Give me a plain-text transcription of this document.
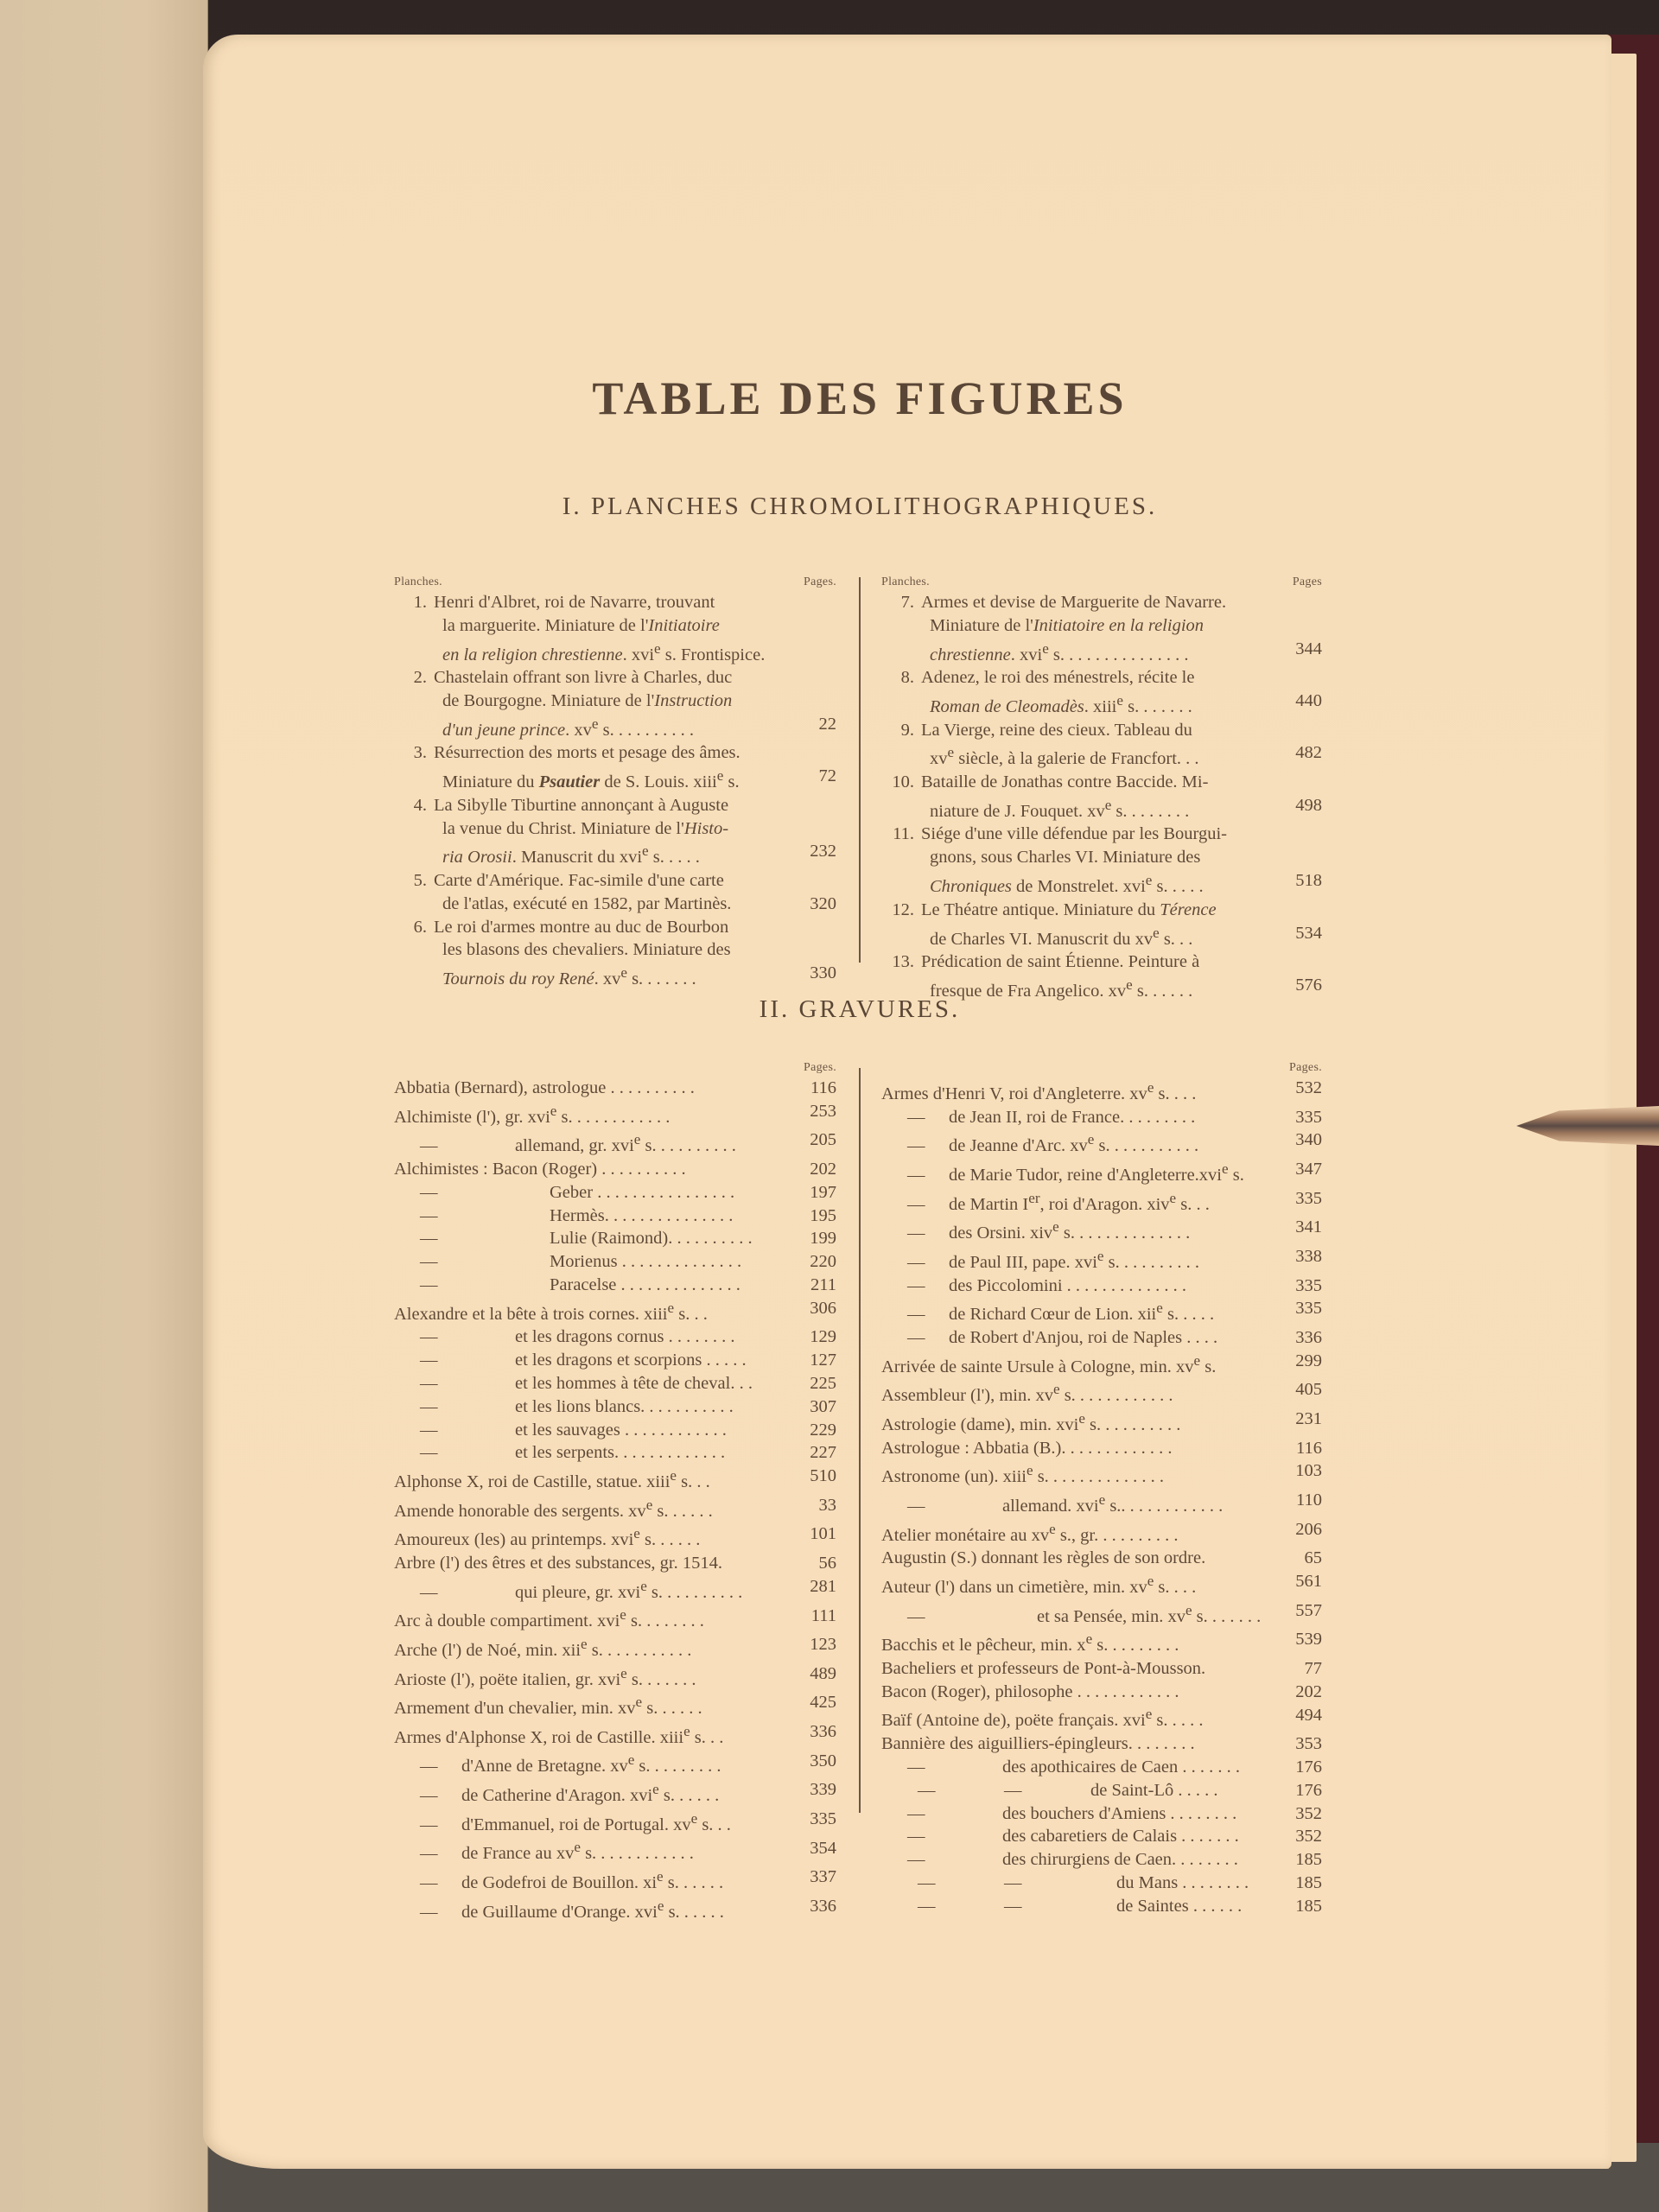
TABLE DES FIGURES
I. PLANCHES CHROMOLITHOGRAPHIQUES.
Planches.	Pages.
1. Henri d'Albret, roi de Navarre, trouvant
la marguerite. Miniature de l'Initiatoire
en la religion chrestienne. xvi$^e$ s. Frontispice.
2. Chastelain offrant son livre à Charles, duc
de Bourgogne. Miniature de l'Instruction
d'un jeune prince. $xv^e$ s. . . . . . . . . .	22
3. Résurrection des morts et pesage des âmes.
Miniature du Psautier de S. Louis. xiii$^e$ s.	72
4. La Sibylle Tiburtine annonçant à Auguste
la venue du Christ. Miniature de l'Histo-
ria Orosii. Manuscrit du xvi$^e$ s. . . . .	232
5. Carte d'Amérique. Fac-simile d'une carte
de l'atlas, exécuté en 1582, par Martinès.	320
6. Le roi d'armes montre au duc de Bourbon
les blasons des chevaliers. Miniature des
Tournois du roy René. $xv^e$ s. . . . . . .	330
Planches.	Pages
7. Armes et devise de Marguerite de Navarre.
Miniature de l'Initiatoire en la religion
chrestienne. xvi$^e$ s. . . . . . . . . . . . . . .	344
8. Adenez, le roi des ménestrels, récite le
Roman de Cleomadès. xiii$^e$ s. . . . . . .	440
9. La Vierge, reine des cieux. Tableau du
$xv^e$ siècle, à la galerie de Francfort. . .	482
10. Bataille de Jonathas contre Baccide. Mi-
niature de J. Fouquet. $xv^e$ s. . . . . . . .	498
11. Siége d'une ville défendue par les Bourgui-
gnons, sous Charles VI. Miniature des
Chroniques de Monstrelet. xvi$^e$ s. . . . .	518
12. Le Théatre antique. Miniature du Térence
de Charles VI. Manuscrit du $xv^e$ s. . .	534
13. Prédication de saint Étienne. Peinture à
fresque de Fra Angelico. $xv^e$ s. . . . . .	576
II. GRAVURES.
Pages.
Abbatia (Bernard), astrologue . . . . . . . . . .	116
Alchimiste (l'), gr. xvi$^e$ s. . . . . . . . . . . .	253
—	allemand, gr. xvi$^e$ s. . . . . . . . . .	205
Alchimistes : Bacon (Roger) . . . . . . . . . .	202
—	Geber . . . . . . . . . . . . . . . .	197
—	Hermès. . . . . . . . . . . . . . .	195
—	Lulie (Raimond). . . . . . . . . .	199
—	Morienus . . . . . . . . . . . . . .	220
—	Paracelse . . . . . . . . . . . . . .	211
Alexandre et la bête à trois cornes. xiii$^e$ s. . .	306
—	et les dragons cornus . . . . . . . .	129
—	et les dragons et scorpions . . . . .	127
—	et les hommes à tête de cheval. . .	225
—	et les lions blancs. . . . . . . . . . .	307
—	et les sauvages . . . . . . . . . . . .	229
—	et les serpents. . . . . . . . . . . . .	227
Alphonse X, roi de Castille, statue. xiii$^e$ s. . .	510
Amende honorable des sergents. $xv^e$ s. . . . . .	33
Amoureux (les) au printemps. xvi$^e$ s. . . . . .	101
Arbre (l') des êtres et des substances, gr. 1514.	56
—	qui pleure, gr. xvi$^e$ s. . . . . . . . . .	281
Arc à double compartiment. xvi$^e$ s. . . . . . . .	111
Arche (l') de Noé, min. xii$^e$ s. . . . . . . . . . .	123
Arioste (l'), poëte italien, gr. xvi$^e$ s. . . . . . .	489
Armement d'un chevalier, min. $xv^e$ s. . . . . .	425
Armes d'Alphonse X, roi de Castille. xiii$^e$ s. . .	336
— d'Anne de Bretagne. $xv^e$ s. . . . . . . . .	350
— de Catherine d'Aragon. xvi$^e$ s. . . . . .	339
— d'Emmanuel, roi de Portugal. $xv^e$ s. . .	335
— de France au $xv^e$ s. . . . . . . . . . . .	354
— de Godefroi de Bouillon. $xi^e$ s. . . . . .	337
— de Guillaume d'Orange. xvi$^e$ s. . . . . .	336
Pages.
Armes d'Henri V, roi d'Angleterre. $xv^e$ s. . . .	532
— de Jean II, roi de France. . . . . . . . .	335
— de Jeanne d'Arc. $xv^e$ s. . . . . . . . . . .	340
— de Marie Tudor, reine d'Angleterre.xvi$^e$ s.	347
— de Martin Ier, roi d'Aragon. xiv$^e$ s. . .	335
— des Orsini. xiv$^e$ s. . . . . . . . . . . . . .	341
— de Paul III, pape. xvi$^e$ s. . . . . . . . . .	338
— des Piccolomini . . . . . . . . . . . . . .	335
— de Richard Cœur de Lion. xii$^e$ s. . . . .	335
— de Robert d'Anjou, roi de Naples . . . .	336
Arrivée de sainte Ursule à Cologne, min. $xv^e$ s.	299
Assembleur (l'), min. $xv^e$ s. . . . . . . . . . . .	405
Astrologie (dame), min. xvi$^e$ s. . . . . . . . . .	231
Astrologue : Abbatia (B.). . . . . . . . . . . . .	116
Astronome (un). xiii$^e$ s. . . . . . . . . . . . . .	103
—	allemand. xvi$^e$ s.. . . . . . . . . . . .	110
Atelier monétaire au $xv^e$ s., gr. . . . . . . . . .	206
Augustin (S.) donnant les règles de son ordre.	65
Auteur (l') dans un cimetière, min. $xv^e$ s. . . .	561
—	et sa Pensée, min. $xv^e$ s. . . . . . .	557
Bacchis et le pêcheur, min. $x^e$ s. . . . . . . . .	539
Bacheliers et professeurs de Pont-à-Mousson.	77
Bacon (Roger), philosophe . . . . . . . . . . . .	202
Baïf (Antoine de), poëte français. xvi$^e$ s. . . . .	494
Bannière des aiguilliers-épingleurs. . . . . . . .	353
—	des apothicaires de Caen . . . . . . .	176
—	—	de Saint-Lô . . . . .	176
—	des bouchers d'Amiens . . . . . . . .	352
—	des cabaretiers de Calais . . . . . . .	352
—	des chirurgiens de Caen. . . . . . . .	185
—	—	du Mans . . . . . . . .	185
—	—	de Saintes . . . . . .	185
